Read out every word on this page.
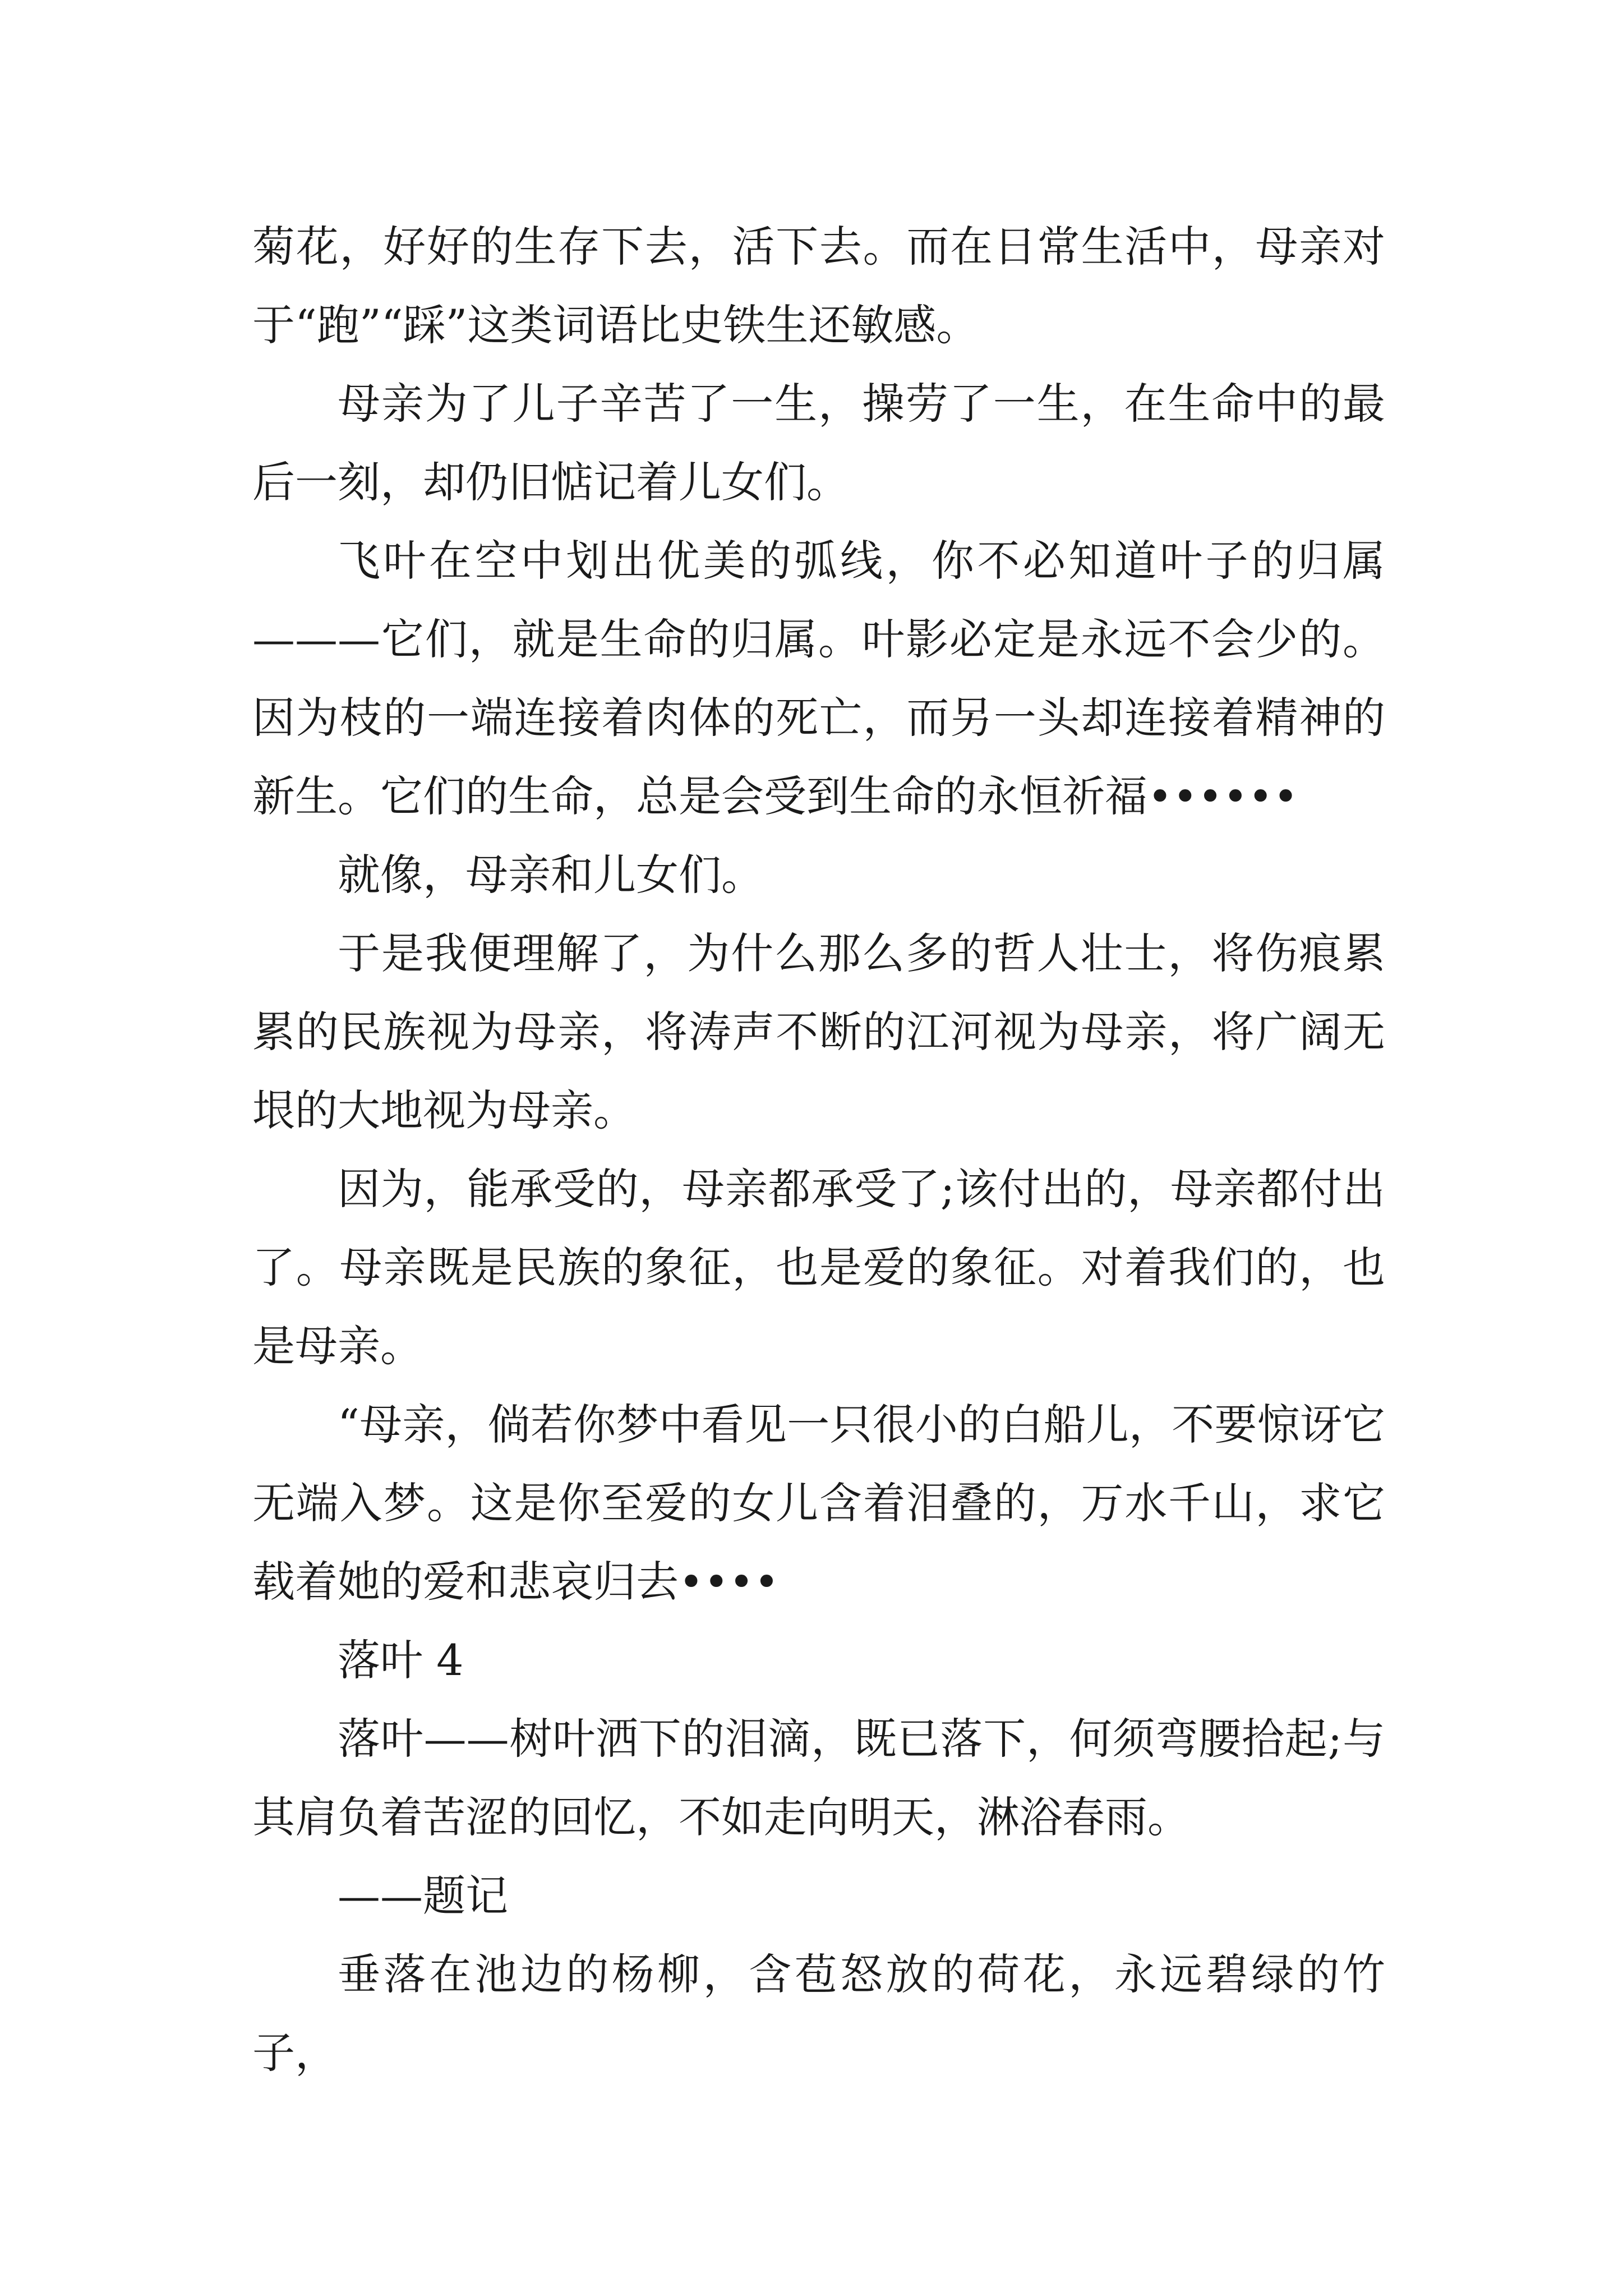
菊花，好好的生存下去，活下去。而在日常生活中，母亲对于“跑”“踩”这类词语比史铁生还敏感。

母亲为了儿子辛苦了一生，操劳了一生，在生命中的最后一刻，却仍旧惦记着儿女们。

飞叶在空中划出优美的弧线，你不必知道叶子的归属———它们，就是生命的归属。叶影必定是永远不会少的。因为枝的一端连接着肉体的死亡，而另一头却连接着精神的新生。它们的生命，总是会受到生命的永恒祈福••••••

就像，母亲和儿女们。

于是我便理解了，为什么那么多的哲人壮士，将伤痕累累的民族视为母亲，将涛声不断的江河视为母亲，将广阔无垠的大地视为母亲。

因为，能承受的，母亲都承受了;该付出的，母亲都付出了。母亲既是民族的象征，也是爱的象征。对着我们的，也是母亲。

“母亲，倘若你梦中看见一只很小的白船儿，不要惊讶它无端入梦。这是你至爱的女儿含着泪叠的，万水千山，求它载着她的爱和悲哀归去••••

落叶 4

落叶——树叶洒下的泪滴，既已落下，何须弯腰拾起;与其肩负着苦涩的回忆，不如走向明天，淋浴春雨。

——题记

垂落在池边的杨柳，含苞怒放的荷花，永远碧绿的竹子，
